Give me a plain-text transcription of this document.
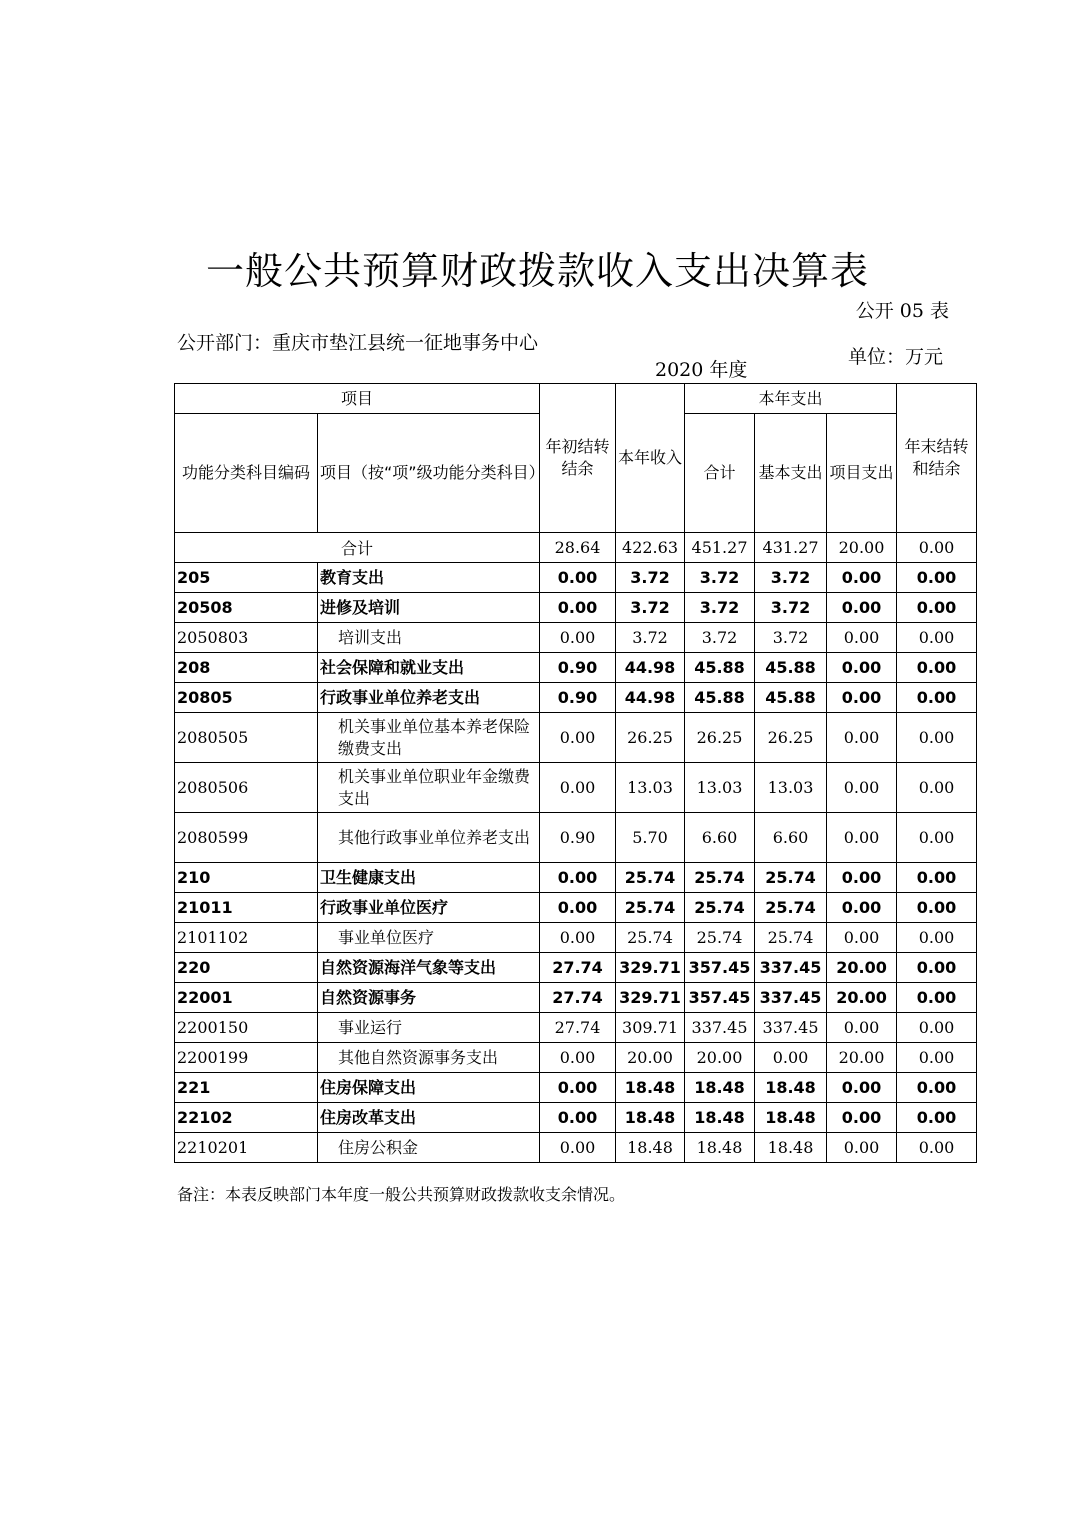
一般公共预算财政拨款收入支出决算表
公开 05 表
公开部门：重庆市垫江县统一征地事务中心
2020 年度
单位：万元
项目		年初结转结余	本年收入	本年支出			年末结转和结余
功能分类科目编码	项目（按“项”级功能分类科目）			合计	基本支出	项目支出	
合计		28.64	422.63	451.27	431.27	20.00	0.00
205	教育支出	0.00	3.72	3.72	3.72	0.00	0.00
20508	进修及培训	0.00	3.72	3.72	3.72	0.00	0.00
2050803	培训支出	0.00	3.72	3.72	3.72	0.00	0.00
208	社会保障和就业支出	0.90	44.98	45.88	45.88	0.00	0.00
20805	行政事业单位养老支出	0.90	44.98	45.88	45.88	0.00	0.00
2080505	机关事业单位基本养老保险缴费支出	0.00	26.25	26.25	26.25	0.00	0.00
2080506	机关事业单位职业年金缴费支出	0.00	13.03	13.03	13.03	0.00	0.00
2080599	其他行政事业单位养老支出	0.90	5.70	6.60	6.60	0.00	0.00
210	卫生健康支出	0.00	25.74	25.74	25.74	0.00	0.00
21011	行政事业单位医疗	0.00	25.74	25.74	25.74	0.00	0.00
2101102	事业单位医疗	0.00	25.74	25.74	25.74	0.00	0.00
220	自然资源海洋气象等支出	27.74	329.71	357.45	337.45	20.00	0.00
22001	自然资源事务	27.74	329.71	357.45	337.45	20.00	0.00
2200150	事业运行	27.74	309.71	337.45	337.45	0.00	0.00
2200199	其他自然资源事务支出	0.00	20.00	20.00	0.00	20.00	0.00
221	住房保障支出	0.00	18.48	18.48	18.48	0.00	0.00
22102	住房改革支出	0.00	18.48	18.48	18.48	0.00	0.00
2210201	住房公积金	0.00	18.48	18.48	18.48	0.00	0.00
备注：本表反映部门本年度一般公共预算财政拨款收支余情况。
